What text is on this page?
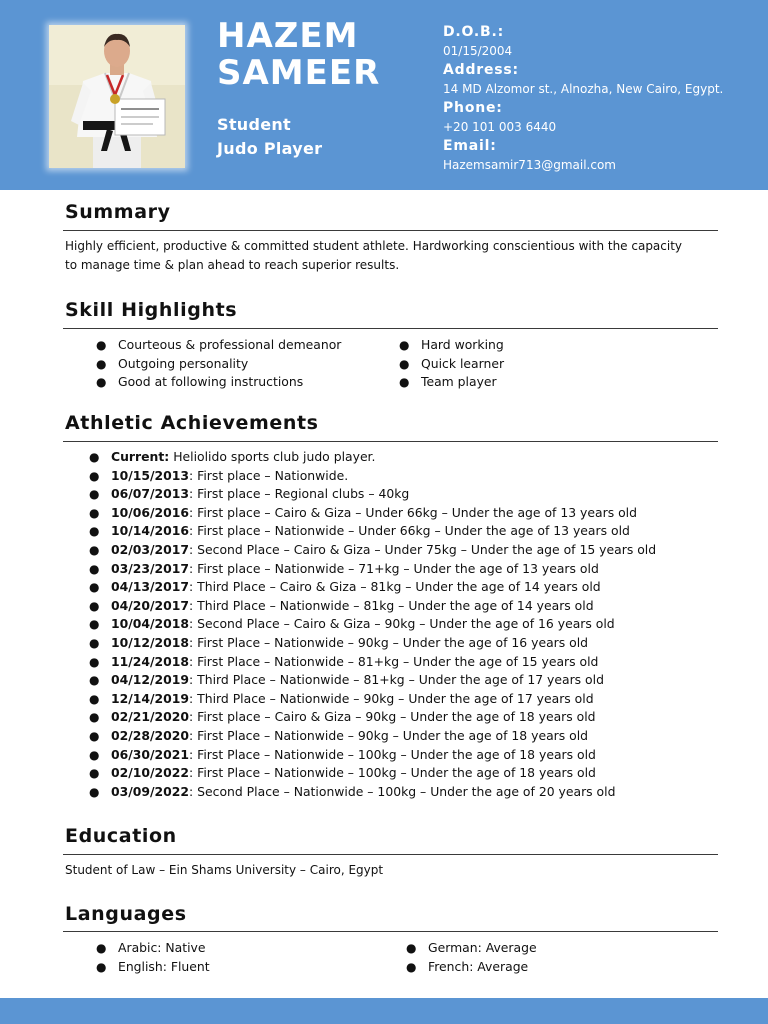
HAZEM
SAMEER
Student
Judo Player
D.O.B.:
01/15/2004
Address:
14 MD Alzomor st., Alnozha, New Cairo, Egypt.
Phone:
+20 101 003 6440
Email:
Hazemsamir713@gmail.com
Summary
Highly efficient, productive & committed student athlete. Hardworking conscientious with the capacity
to manage time & plan ahead to reach superior results.
Skill Highlights
● Courteous & professional demeanor
● Outgoing personality
● Good at following instructions
● Hard working
● Quick learner
● Team player
Athletic Achievements
● Current: Heliolido sports club judo player.
● 10/15/2013: First place – Nationwide.
● 06/07/2013: First place – Regional clubs – 40kg
● 10/06/2016: First place – Cairo & Giza – Under 66kg – Under the age of 13 years old
● 10/14/2016: First place – Nationwide – Under 66kg – Under the age of 13 years old
● 02/03/2017: Second Place – Cairo & Giza – Under 75kg – Under the age of 15 years old
● 03/23/2017: First place – Nationwide – 71+kg – Under the age of 13 years old
● 04/13/2017: Third Place – Cairo & Giza – 81kg – Under the age of 14 years old
● 04/20/2017: Third Place – Nationwide – 81kg – Under the age of 14 years old
● 10/04/2018: Second Place – Cairo & Giza – 90kg – Under the age of 16 years old
● 10/12/2018: First Place – Nationwide – 90kg – Under the age of 16 years old
● 11/24/2018: First Place – Nationwide – 81+kg – Under the age of 15 years old
● 04/12/2019: Third Place – Nationwide – 81+kg – Under the age of 17 years old
● 12/14/2019: Third Place – Nationwide – 90kg – Under the age of 17 years old
● 02/21/2020: First place – Cairo & Giza – 90kg – Under the age of 18 years old
● 02/28/2020: First Place – Nationwide – 90kg – Under the age of 18 years old
● 06/30/2021: First Place – Nationwide – 100kg – Under the age of 18 years old
● 02/10/2022: First Place – Nationwide – 100kg – Under the age of 18 years old
● 03/09/2022: Second Place – Nationwide – 100kg – Under the age of 20 years old
Education
Student of Law – Ein Shams University – Cairo, Egypt
Languages
● Arabic: Native
● English: Fluent
● German: Average
● French: Average
